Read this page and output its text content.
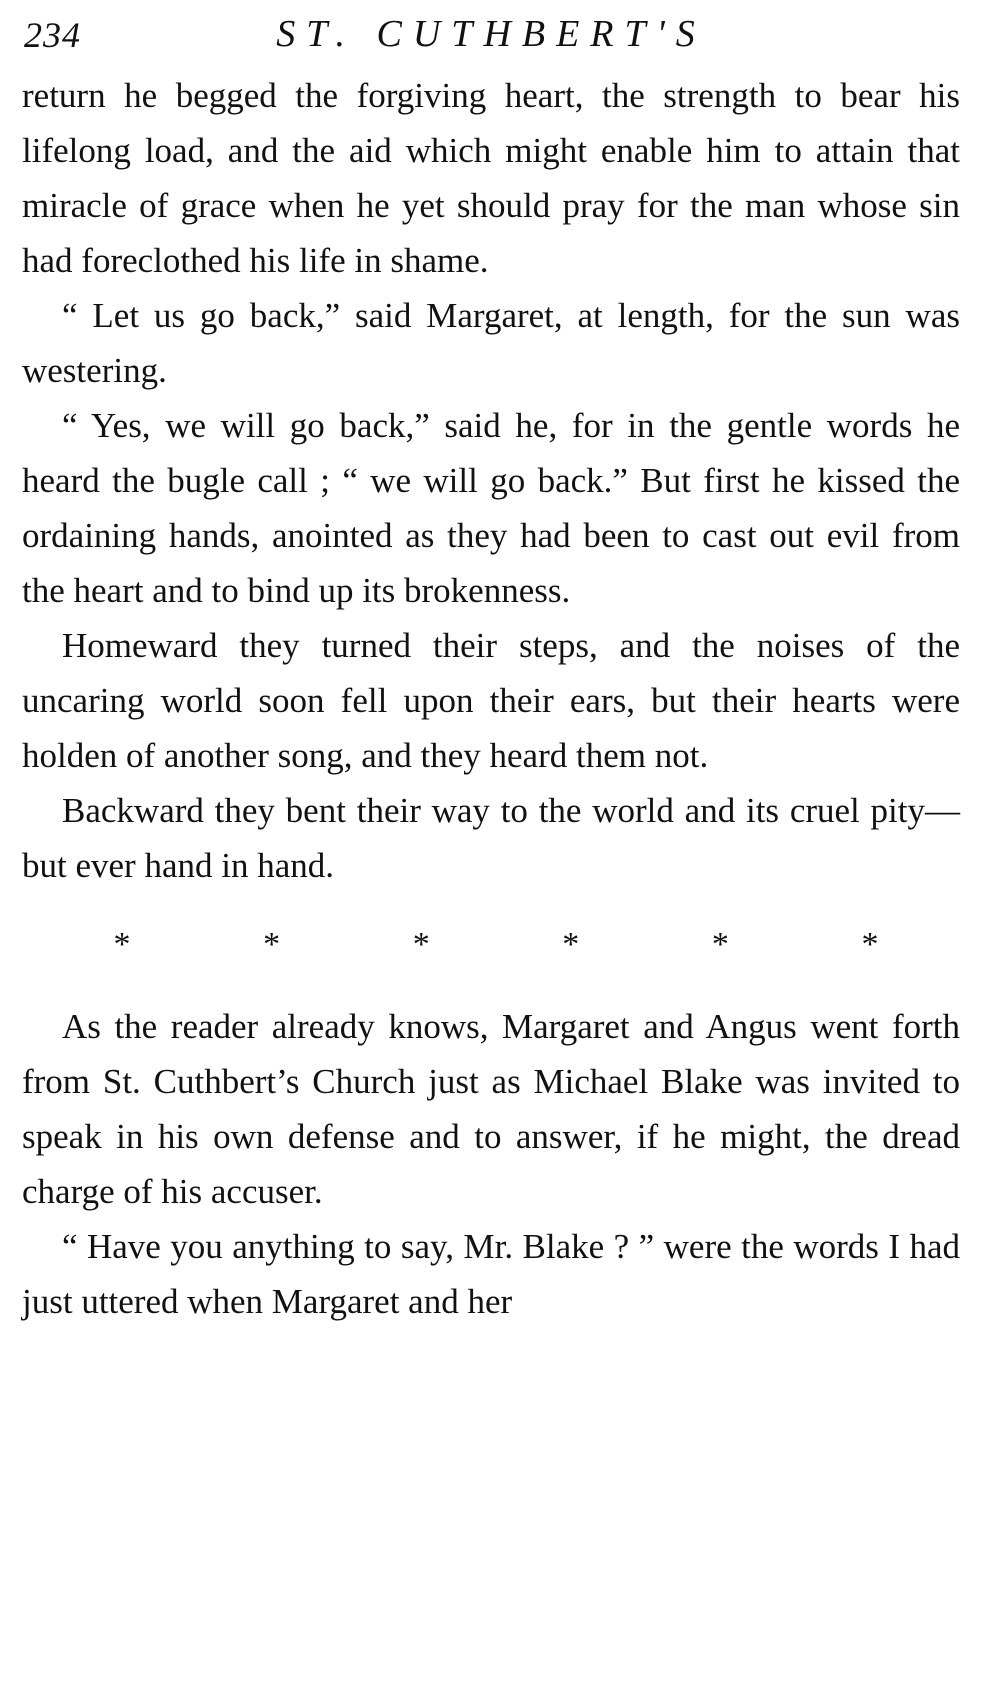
234	ST. CUTHBERT'S

return he begged the forgiving heart, the strength to bear his lifelong load, and the aid which might enable him to attain that miracle of grace when he yet should pray for the man whose sin had foreclothed his life in shame.

“ Let us go back,” said Margaret, at length, for the sun was westering.

“ Yes, we will go back,” said he, for in the gentle words he heard the bugle call ; “ we will go back.” But first he kissed the ordaining hands, anointed as they had been to cast out evil from the heart and to bind up its brokenness.

Homeward they turned their steps, and the noises of the uncaring world soon fell upon their ears, but their hearts were holden of another song, and they heard them not.

Backward they bent their way to the world and its cruel pity—but ever hand in hand.

*	*	*	*	*	*

As the reader already knows, Margaret and Angus went forth from St. Cuthbert’s Church just as Michael Blake was invited to speak in his own defense and to answer, if he might, the dread charge of his accuser.

“ Have you anything to say, Mr. Blake ? ” were the words I had just uttered when Margaret and her
